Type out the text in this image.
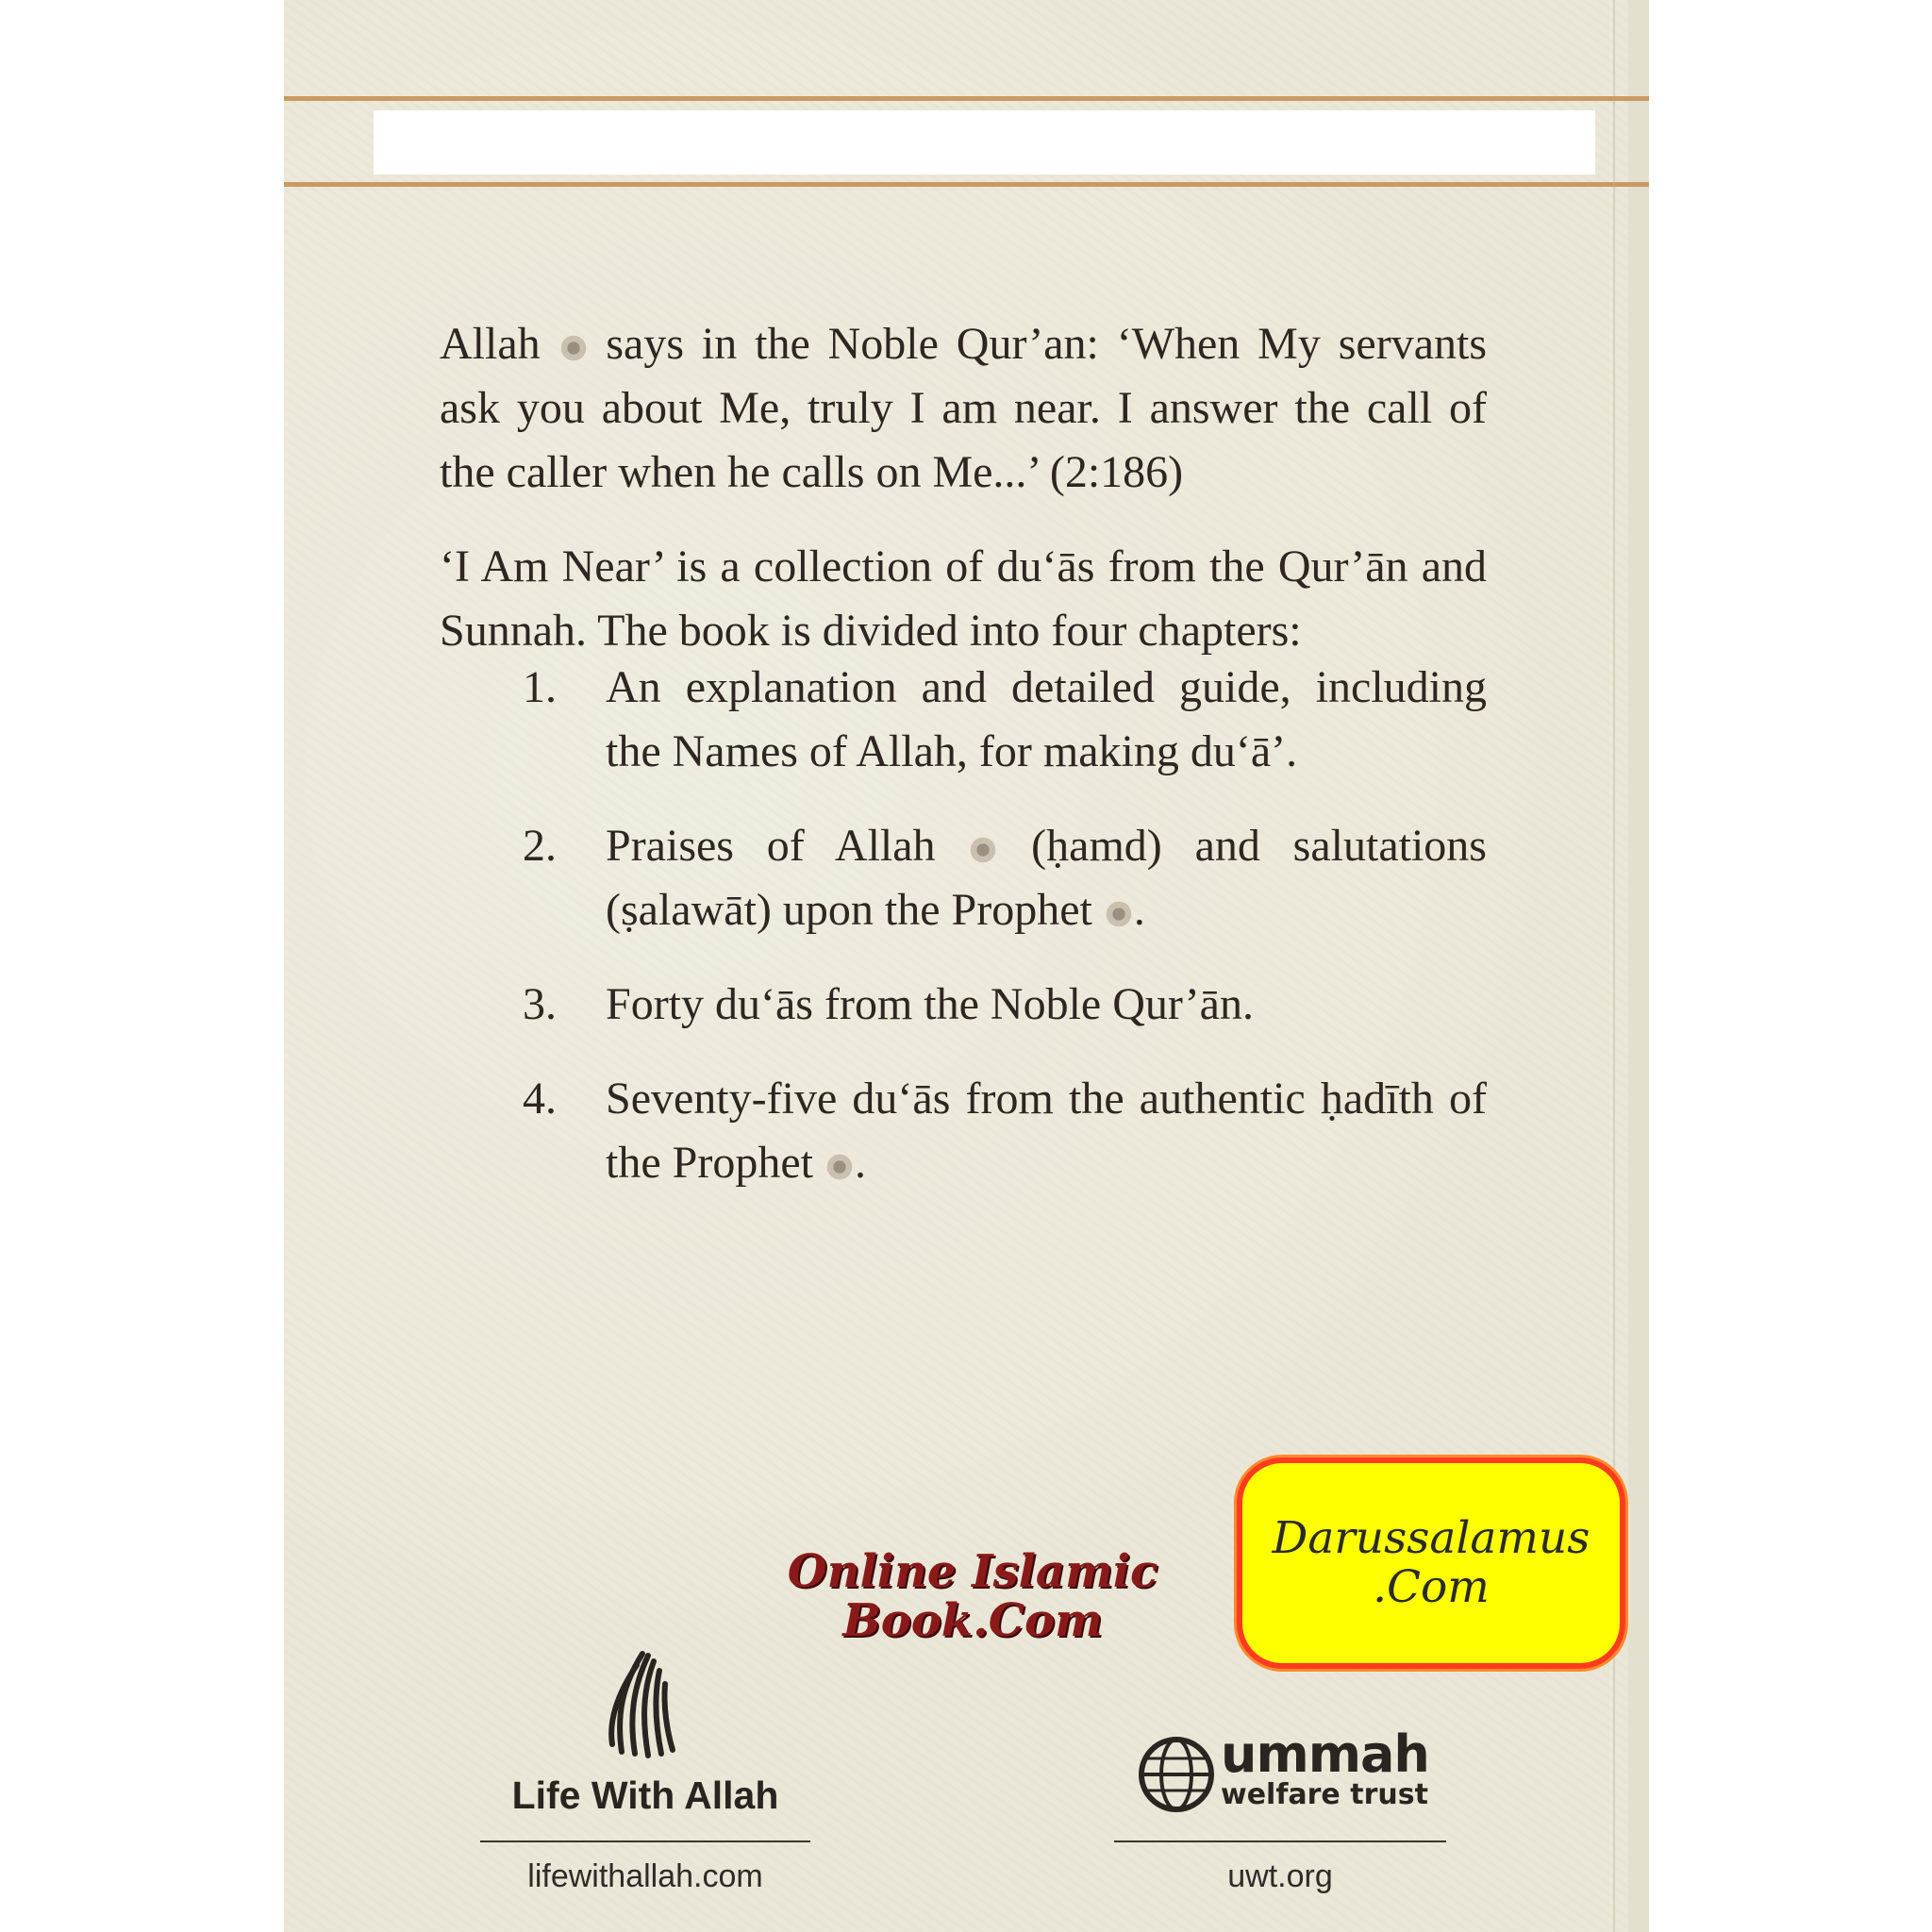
Allah  says in the Noble Qur’an: ‘When My servants ask you about Me, truly I am near. I answer the call of the caller when he calls on Me...’ (2:186)

‘I Am Near’ is a collection of du‘ās from the Qur’ān and Sunnah. The book is divided into four chapters:

1. An explanation and detailed guide, including the Names of Allah, for making du‘ā’.
2. Praises of Allah  (ḥamd) and salutations (ṣalawāt) upon the Prophet .
3. Forty du‘ās from the Noble Qur’ān.
4. Seventy-five du‘ās from the authentic ḥadīth of the Prophet .
Online Islamic
Book.Com
Darussalamus
.Com
Life With Allah
lifewithallah.com
ummah
welfare trust
uwt.org
